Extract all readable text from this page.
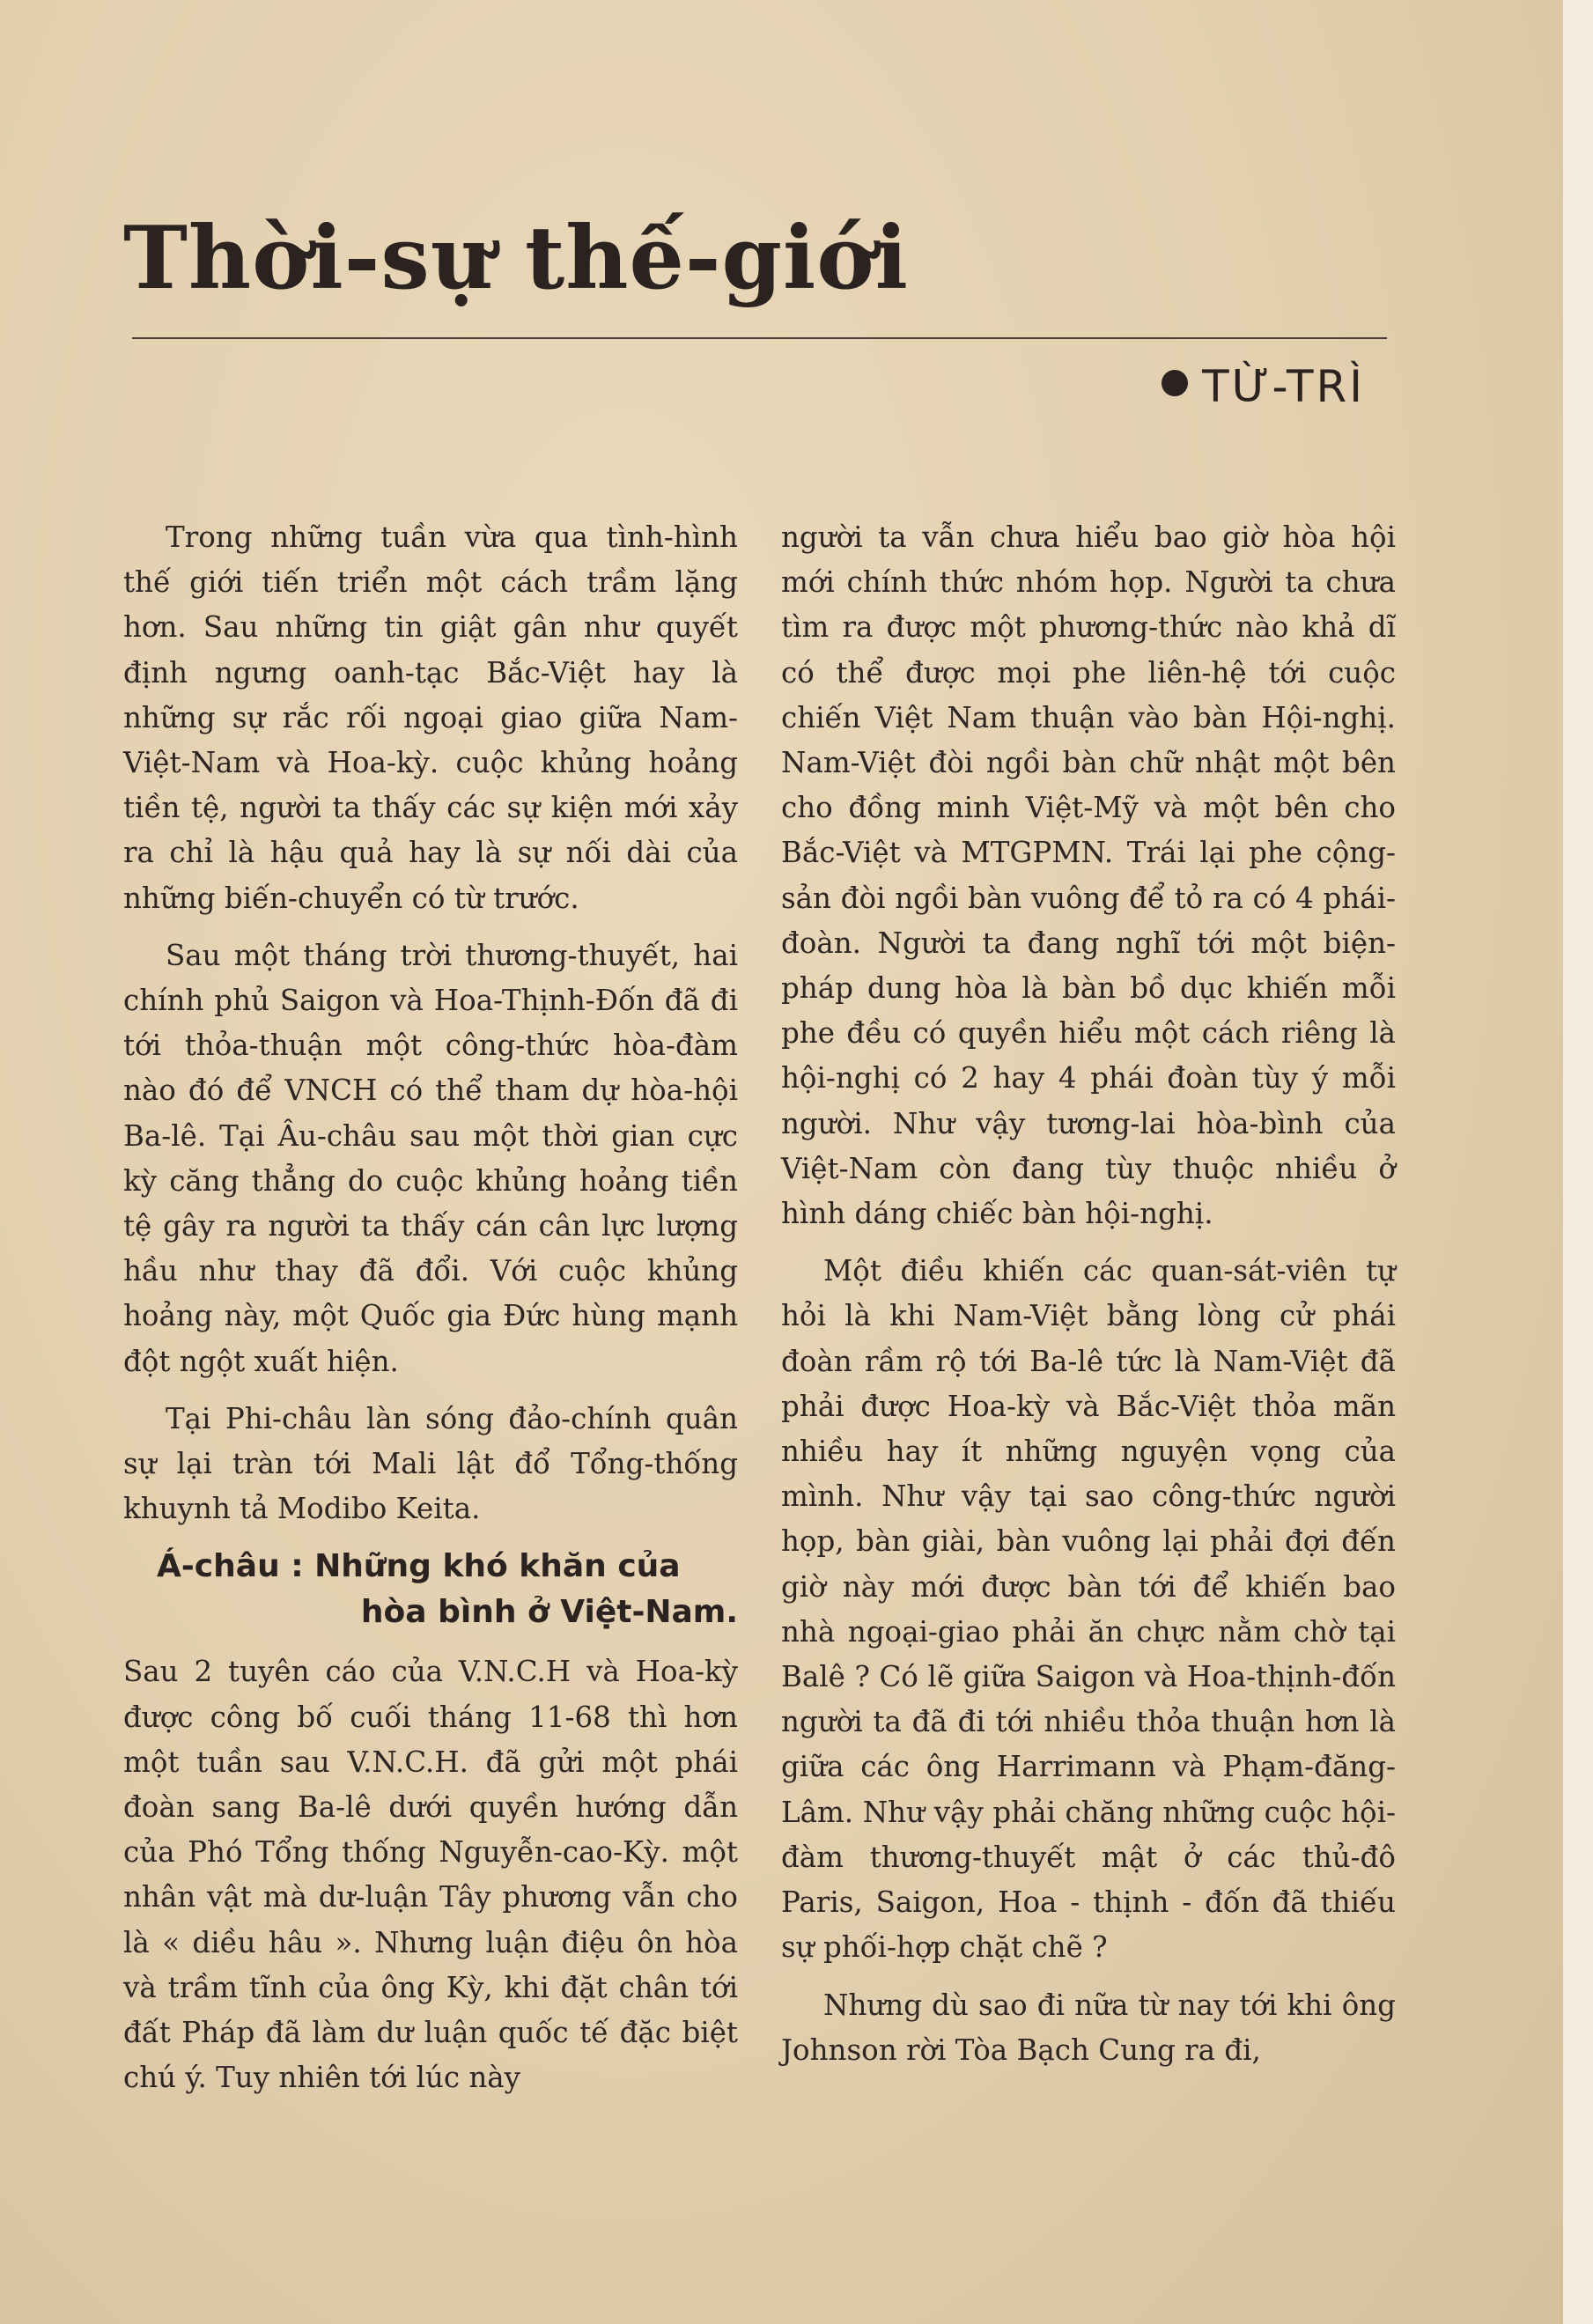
Thời-sự thế-giới
TỪ-TRÌ

Trong những tuần vừa qua tình-hình thế giới tiến triển một cách trầm lặng hơn. Sau những tin giật gân như quyết định ngưng oanh-tạc Bắc-Việt hay là những sự rắc rối ngoại giao giữa Nam-Việt-Nam và Hoa-kỳ. cuộc khủng hoảng tiền tệ, người ta thấy các sự kiện mới xảy ra chỉ là hậu quả hay là sự nối dài của những biến-chuyển có từ trước.

Sau một tháng trời thương-thuyết, hai chính phủ Saigon và Hoa-Thịnh-Đốn đã đi tới thỏa-thuận một công-thức hòa-đàm nào đó để VNCH có thể tham dự hòa-hội Ba-lê. Tại Âu-châu sau một thời gian cực kỳ căng thẳng do cuộc khủng hoảng tiền tệ gây ra người ta thấy cán cân lực lượng hầu như thay đã đổi. Với cuộc khủng hoảng này, một Quốc gia Đức hùng mạnh đột ngột xuất hiện.

Tại Phi-châu làn sóng đảo-chính quân sự lại tràn tới Mali lật đổ Tổng-thống khuynh tả Modibo Keita.

Á-châu : Những khó khăn của
hòa bình ở Việt-Nam.

Sau 2 tuyên cáo của V.N.C.H và Hoa-kỳ được công bố cuối tháng 11-68 thì hơn một tuần sau V.N.C.H. đã gửi một phái đoàn sang Ba-lê dưới quyền hướng dẫn của Phó Tổng thống Nguyễn-cao-Kỳ. một nhân vật mà dư-luận Tây phương vẫn cho là « diều hâu ». Nhưng luận điệu ôn hòa và trầm tĩnh của ông Kỳ, khi đặt chân tới đất Pháp đã làm dư luận quốc tế đặc biệt chú ý. Tuy nhiên tới lúc này

người ta vẫn chưa hiểu bao giờ hòa hội mới chính thức nhóm họp. Người ta chưa tìm ra được một phương-thức nào khả dĩ có thể được mọi phe liên-hệ tới cuộc chiến Việt Nam thuận vào bàn Hội-nghị. Nam-Việt đòi ngồi bàn chữ nhật một bên cho đồng minh Việt-Mỹ và một bên cho Bắc-Việt và MTGPMN. Trái lại phe cộng-sản đòi ngồi bàn vuông để tỏ ra có 4 phái-đoàn. Người ta đang nghĩ tới một biện-pháp dung hòa là bàn bồ dục khiến mỗi phe đều có quyền hiểu một cách riêng là hội-nghị có 2 hay 4 phái đoàn tùy ý mỗi người. Như vậy tương-lai hòa-bình của Việt-Nam còn đang tùy thuộc nhiều ở hình dáng chiếc bàn hội-nghị.

Một điều khiến các quan-sát-viên tự hỏi là khi Nam-Việt bằng lòng cử phái đoàn rầm rộ tới Ba-lê tức là Nam-Việt đã phải được Hoa-kỳ và Bắc-Việt thỏa mãn nhiều hay ít những nguyện vọng của mình. Như vậy tại sao công-thức người họp, bàn giài, bàn vuông lại phải đợi đến giờ này mới được bàn tới để khiến bao nhà ngoại-giao phải ăn chực nằm chờ tại Balê ? Có lẽ giữa Saigon và Hoa-thịnh-đốn người ta đã đi tới nhiều thỏa thuận hơn là giữa các ông Harrimann và Phạm-đăng-Lâm. Như vậy phải chăng những cuộc hội-đàm thương-thuyết mật ở các thủ-đô Paris, Saigon, Hoa - thịnh - đốn đã thiếu sự phối-hợp chặt chẽ ?

Nhưng dù sao đi nữa từ nay tới khi ông Johnson rời Tòa Bạch Cung ra đi,
